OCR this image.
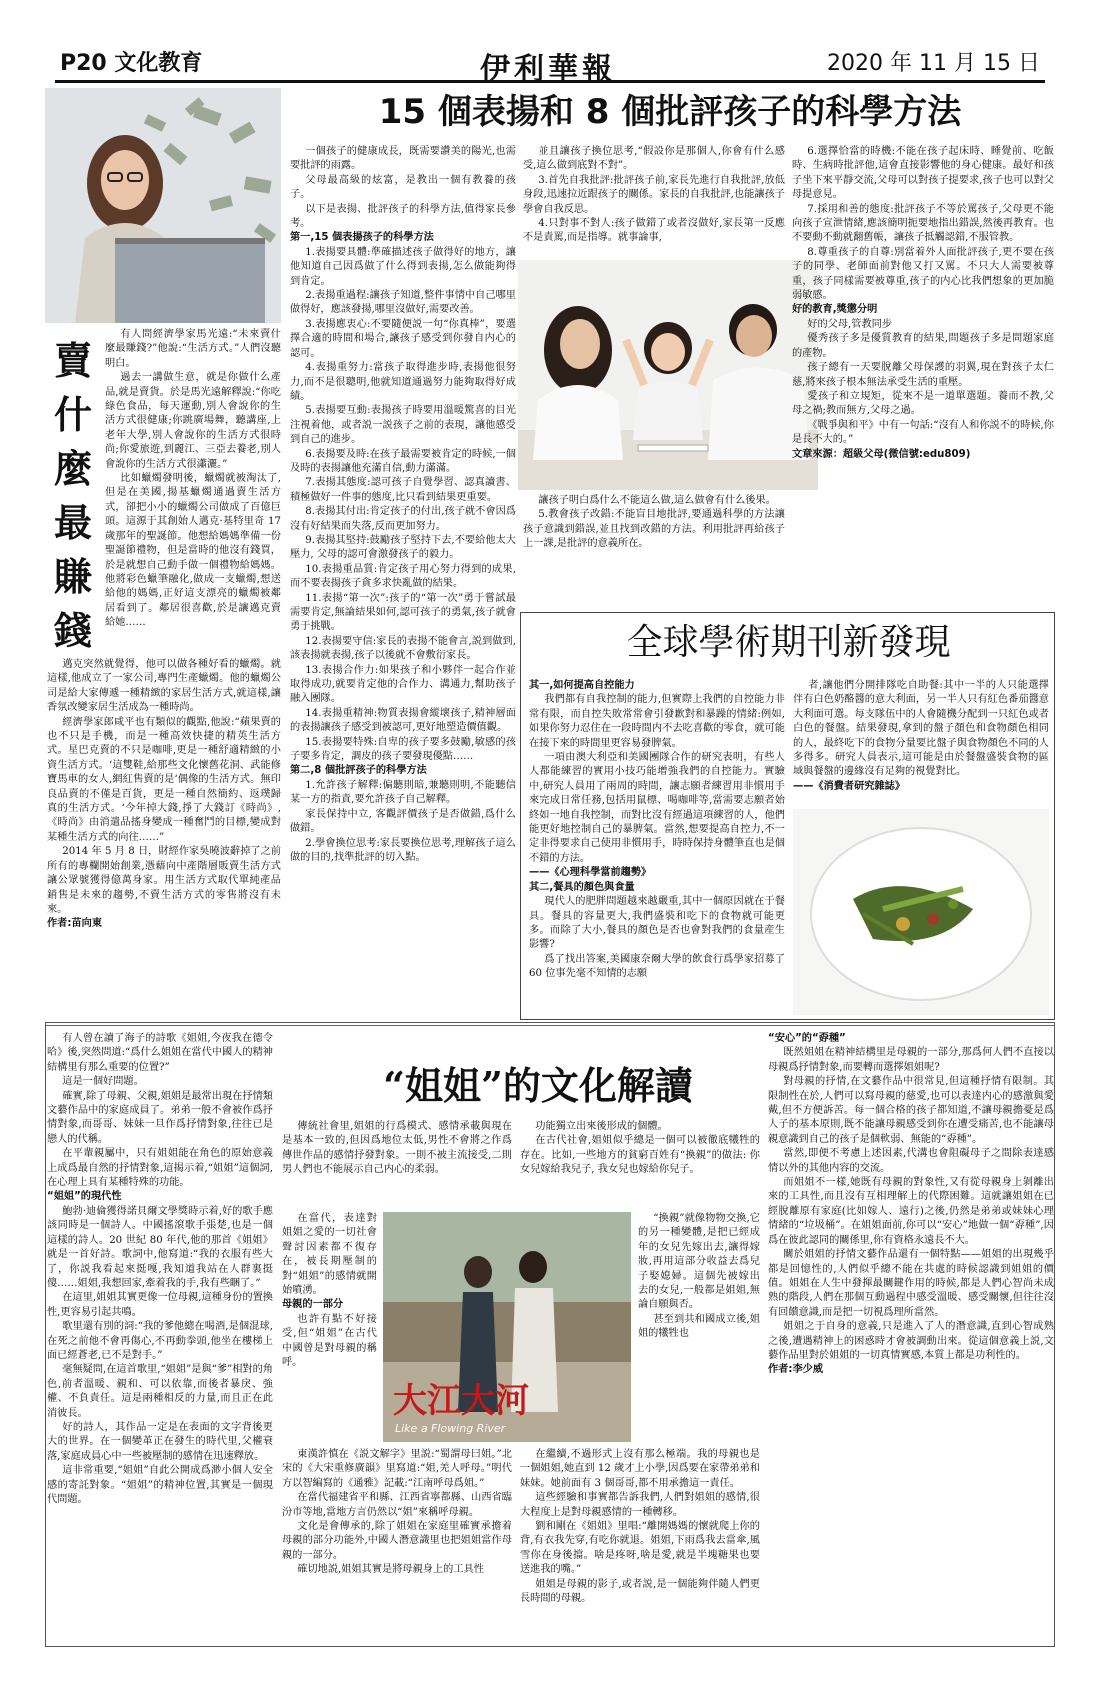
P20 文化教育	伊利華報	2020 年 11 月 15 日
賣什麼最賺錢

有人問經濟學家馬光遠:“未來賣什麼最賺錢?”他說:“生活方式。”人們沒聽明白。

過去一講做生意，就是你做什么產品,就是賣貨。於是馬光遠解釋說:“你吃綠色食品，每天運動,別人會說你的生活方式很健康;你跳廣場舞，聽講座,上老年大學,別人會說你的生活方式很時尚;你愛旅遊,到麗江、三亞去養老,別人會說你的生活方式很瀟灑。”

比如蠟燭發明後，蠟燭就被淘汰了,但是在美國,揚基蠟燭通過賣生活方式，卻把小小的蠟燭公司做成了百億巨頭。這源于其創始人邁克·基特里奇 17 歲那年的聖誕節。他想給媽媽準備一份聖誕節禮物，但是當時的他沒有錢買，於是就想自己動手做一個禮物給媽媽。他將彩色蠟筆融化,做成一支蠟燭,想送給他的媽媽,正好這支漂亮的蠟燭被鄰居看到了。鄰居很喜歡,於是讓邁克賣給她……

邁克突然就覺得，他可以做各種好看的蠟燭。就這樣,他成立了一家公司,專門生產蠟燭。他的蠟燭公司是給大家傳遞一種精緻的家居生活方式,就這樣,讓香氛改變家居生活成為一種時尚。

經濟學家郎咸平也有類似的觀點,他說:“蘋果賣的也不只是手機，而是一種高效快捷的精英生活方式。星巴克賣的不只是咖啡,更是一種舒適精緻的小資生活方式。‘這雙鞋,給那些文化懷舊花洞、武能修寶馬車的女人,網紅售賣的是‘偶像的生活方式。無印良品賣的不僅是百貨，更是一種自然簡約、返璞歸真的生活方式。‘今年掉大錢,掙了大錢訂《時尚》,《時尚》由消遣品搖身變成一種奮鬥的目標,變成對某種生活方式的向往……”

2014 年 5 月 8 日，財經作家吳曉波辭掉了之前所有的專欄開始創業,憑藉向中產階層販賣生活方式讓公眾號獲得億萬身家。用生活方式取代單純產品銷售是未來的趨勢,不賣生活方式的零售將沒有未來。

作者:苗向東

15 個表揚和 8 個批評孩子的科學方法

一個孩子的健康成長，既需要讚美的陽光,也需要批評的雨露。

父母最高級的炫富，是教出一個有教養的孩子。

以下是表揚、批評孩子的科學方法,值得家長參考。

第一,15 個表揚孩子的科學方法

1.表揚要具體:準確描述孩子做得好的地方，讓他知道自己因爲做了什么得到表揚,怎么做能夠得到肯定。

2.表揚重過程:讓孩子知道,整件事情中自己哪里做得好，應該發揚,哪里沒做好,需要改善。

3.表揚應衷心:不要隨便説一句“你真棒”，要選擇合適的時間和場合,讓孩子感受到你發自内心的認可。

4.表揚重努力:當孩子取得進步時,表揚他很努力,而不是很聰明,他就知道通過努力能夠取得好成績。

5.表揚要互動:表揚孩子時要用溫暖驚喜的目光注視着他，或者説一説孩子之前的表現，讓他感受到自己的進步。

6.表揚要及時:在孩子最需要被肯定的時候,一個及時的表揚讓他充滿自信,動力滿滿。

7.表揚其態度:認可孩子自覺學習、認真讀書、積極做好一件事的態度,比只看到結果更重要。

8.表揚其付出:肯定孩子的付出,孩子就不會因爲沒有好結果而失落,反而更加努力。

9.表揚其堅持:鼓勵孩子堅持下去,不要給他太大壓力, 父母的認可會激發孩子的毅力。

10.表揚重品質:肯定孩子用心努力得到的成果, 而不要表揚孩子貪多求快亂做的結果。

11.表揚“第一次”:孩子的“第一次”勇于嘗試最需要肯定,無論結果如何,認可孩子的勇氣,孩子就會勇于挑戰。

12.表揚要守信:家長的表揚不能會言,説到做到,該表揚就表揚,孩子以後就不會敷衍家長。

13.表揚合作力:如果孩子和小夥伴一起合作並取得成功,就要肯定他的合作力、溝通力,幫助孩子融入團隊。

14.表揚重精神:物質表揚會縱壞孩子,精神層面的表揚讓孩子感受到被認可,更好地塑造價值觀。

15.表揚要特殊:自卑的孩子要多鼓勵,敏感的孩子要多肯定，調皮的孩子要發現優點……

第二,8 個批評孩子的科學方法

1.允許孩子解釋:偏聽則暗,兼聽則明,不能聽信某一方的指責,要允許孩子自己解釋。

家長保持中立, 客觀評價孩子是否做錯,爲什么做錯。

2.學會換位思考:家長要換位思考,理解孩子這么做的目的,找準批評的切入點。

並且讓孩子換位思考,“假設你是那個人,你會有什么感受,這么做到底對不對”。

3.首先自我批評:批評孩子前,家長先進行自我批評,放低身段,迅速拉近跟孩子的關係。家長的自我批評,也能讓孩子學會自我反思。

4.只對事不對人:孩子做錯了或者沒做好,家長第一反應不是責罵,而是指導。就事論事,

讓孩子明白爲什么不能這么做,這么做會有什么後果。

5.教會孩子改錯:不能盲目地批評,要通過科學的方法讓孩子意識到錯誤,並且找到改錯的方法。利用批評再給孩子上一課,是批評的意義所在。

6.選擇恰當的時機:不能在孩子起床時、睡覺前、吃飯時、生病時批評他,這會直接影響他的身心健康。最好和孩子坐下來平靜交流,父母可以對孩子提要求,孩子也可以對父母提意見。

7.採用和善的態度:批評孩子不等於罵孩子,父母更不能向孩子宣泄情緒,應該簡明扼要地指出錯誤,然後再教育。也不要動不動就翻舊帳，讓孩子抵觸認錯,不服管教。

8.尊重孩子的自尊:別當着外人面批評孩子,更不要在孩子的同學、老師面前對他又打又罵。不只大人需要被尊重，孩子同樣需要被尊重,孩子的内心比我們想象的更加脆弱敏感。

好的教育,獎懲分明

好的父母,管教同步

優秀孩子多是優質教育的結果,問題孩子多是問題家庭的產物。

孩子總有一天要脫離父母保護的羽翼,現在對孩子太仁慈,將來孩子根本無法承受生活的重壓。

愛孩子和立規矩，從來不是一道單選題。養而不教,父母之禍;教而無方,父母之過。

《戰爭與和平》中有一句話:“沒有人和你説不的時候,你是長不大的。”

文章來源：超級父母(微信號:edu809)

全球學術期刊新發現

其一,如何提高自控能力

我們都有自我控制的能力,但實際上我們的自控能力非常有限，而自控失敗常常會引發歉對和暴躁的情緒:例如,如果你努力忍住在一段時間内不去吃喜歡的零食，就可能在接下來的時間里更容易發脾氣。

一項由澳大利亞和美國團隊合作的研究表明，有些人人都能練習的實用小技巧能增強我們的自控能力。實驗中,研究人員用了兩周的時間，讓志願者練習用非慣用手來完成日常任務,包括用鼠標、喝咖啡等,當需要志願者始終如一地自我控制，而對比沒有經過這項練習的人，他們能更好地控制自己的暴脾氣。當然,想要提高自控力,不一定非得要求自己使用非慣用手，時時保持身體筆直也是個不錯的方法。

——《心理科學當前趨勢》

其二,餐具的顏色與食量

現代人的肥胖問題越來越嚴重,其中一個原因就在于餐具。餐具的容量更大,我們盛裝和吃下的食物就可能更多。而除了大小,餐具的顏色是否也會對我們的食量産生影響?

爲了找出答案,美國康奈爾大學的飲食行爲學家招募了 60 位事先毫不知情的志願

者,讓他們分開排隊吃自助餐:其中一半的人只能選擇伴有白色奶酪醬的意大利面，另一半人只有紅色番茄醬意大利面可選。每支隊伍中的人會隨機分配到一只紅色或者白色的餐盤。結果發現,拿到的盤子顏色和食物顏色相同的人，最終吃下的食物分量要比盤子與食物顏色不同的人多得多。研究人員表示,這可能是由於餐盤盛裝食物的區域與餐盤的邊緣沒有足夠的視覺對比。

——《消費者研究雜誌》

有人曾在讀了海子的詩歌《姐姐,今夜我在德令哈》後,突然問道:“爲什么姐姐在當代中國人的精神結構里有那么重要的位置?”

這是一個好問題。

確實,除了母親、父親,姐姐是最常出現在抒情類文藝作品中的家庭成員了。弟弟一般不會被作爲抒情對象,而哥哥、妹妹一旦作爲抒情對象,往往已是戀人的代稱。

在平輩親屬中，只有姐姐能在角色的原始意義上成爲最自然的抒情對象,這揭示着,“姐姐”這個詞,在心理上具有某種特殊的功能。

“姐姐”的現代性

鮑勃·迪倫獲得諾貝爾文學獎時示着,好的歌手應該同時是一個詩人。中國搖滾歌手張楚,也是一個這樣的詩人。20 世紀 80 年代,他的那首《姐姐》就是一首好詩。歌詞中,他寫道:“我的衣服有些大了，你説我看起來挺嘎,我知道我站在人群裏挺傻……姐姐,我想回家,牽着我的手,我有些睏了。”

在這里,姐姐其實更像一位母親,這種身份的置換性,更容易引起共鳴。

歌里還有別的詞:“我的爹他總在喝酒,是個混球,在死之前他不會再傷心,不再動拳頭,他坐在樓梯上面已經蒼老,已不是對手。”

毫無疑問,在這首歌里,“姐姐”是與“爹”相對的角色,前者溫暖、親和、可以依靠,而後者暴戾、強權、不負責任。這是兩種相反的力量,而且正在此消彼長。

好的詩人，其作品一定是在表面的文字背後更大的世界。在一個變革正在發生的時代里,父權衰落,家庭成員心中一些被壓制的感情在迅速釋放。

這非常重要,“姐姐”自此公開成爲渺小個人安全感的寄託對象。“姐姐”的精神位置,其實是一個現代問題。

“姐姐”的文化解讀

傳統社會里,姐姐的行爲模式、感情承載與現在是基本一致的,但因爲地位太低,男性不會將之作爲傳世作品的感情抒發對象。一則不被主流接受,二則男人們也不能展示自己内心的柔弱。

在當代，表達對姐姐之愛的一切社會聲討因素都不復存在，被長期壓制的對“姐姐”的感情就開始噴湧。

母親的一部分

也許有點不好接受,但“姐姐”在古代中國曾是對母親的稱呼。

大江大河
Like a Flowing River

東漢許慎在《説文解字》里説:“蜀謂母曰姐。”北宋的《大宋重修廣韻》里寫道:“姐,羌人呼母。”明代方以智編寫的《通雅》記載:“江南呼母爲姐。”

在當代福建省平和縣、江西省寧都縣、山西省臨汾市等地,當地方言仍然以“姐”來稱呼母親。

文化是會傳承的,除了姐姐在家庭里確實承擔着母親的部分功能外,中國人潛意識里也把姐姐當作母親的一部分。

確切地説,姐姐其實是將母親身上的工具性

功能獨立出來後形成的個體。

在古代社會,姐姐似乎總是一個可以被徹底犧牲的存在。比如,一些地方的貧窮百姓有“換親”的做法: 你女兒嫁給我兒子, 我女兒也嫁給你兒子。

“換親”就像物物交換,它的另一種變體,是把已經成年的女兒先嫁出去,讓得嫁妝,再用這部分收益去爲兒子娶媳婦。這個先被嫁出去的女兒,一般都是姐姐,無論自願與否。

甚至到共和國成立後,姐姐的犧牲也

在繼續,不過形式上沒有那么極端。我的母親也是一個姐姐,她直到 12 歲才上小學,因爲要在家帶弟弟和妹妹。她前面有 3 個哥哥,都不用承擔這一責任。

這些經驗和事實都告訴我們,人們對姐姐的感情,很大程度上是對母親感情的一種轉移。

劉和剛在《姐姐》里唱:“離開媽媽的懷就爬上你的背,有衣我先穿,有吃你就退。姐姐,下雨爲我去當傘,風雪你在身後擋。啥是疼呀,啥是愛,就是半塊糖果也要送進我的嘴。”

姐姐是母親的影子,或者説,是一個能夠伴隨人們更長時間的母親。

“安心”的“孬種”

既然姐姐在精神結構里是母親的一部分,那爲何人們不直接以母親爲抒情對象,而要轉而選擇姐姐呢?

對母親的抒情,在文藝作品中很常見,但這種抒情有限制。其限制性在於,人們可以寫母親的慈愛,也可以表達内心的感激與愛戴,但不方便訴苦。每一個合格的孩子都知道,不讓母親擔憂是爲人子的基本原則,既不能讓母親感受到你在遭受痛苦,也不能讓母親意識到自己的孩子是個軟弱、無能的“孬種”。

當然,即便不考慮上述因素,代溝也會阻礙母子之間除表達感情以外的其他内容的交流。

而姐姐不一樣,她既有母親的對象性,又有從母親身上剝離出來的工具性,而且沒有互相理解上的代際困難。這就讓姐姐在已經脫離原有家庭(比如嫁人、遠行)之後,仍然是弟弟或妹妹心理情緒的“垃圾桶”。在姐姐面前,你可以“安心”地做一個“孬種”,因爲在彼此認同的關係里,你有資格永遠長不大。

關於姐姐的抒情文藝作品還有一個特點——姐姐的出現幾乎都是回憶性的,人們似乎總不能在共處的時候認識到姐姐的價值。姐姐在人生中發揮最關鍵作用的時候,都是人們心智尚未成熟的階段,人們在那個互動過程中感受溫暖、感受關懷,但往往沒有回饋意識,而是把一切視爲理所當然。

姐姐之于自身的意義,只是進入了人的潛意識,直到心智成熟之後,遭遇精神上的困惑時才會被調動出來。從這個意義上説,文藝作品里對於姐姐的一切真情實感,本質上都是功利性的。

作者:李少威
